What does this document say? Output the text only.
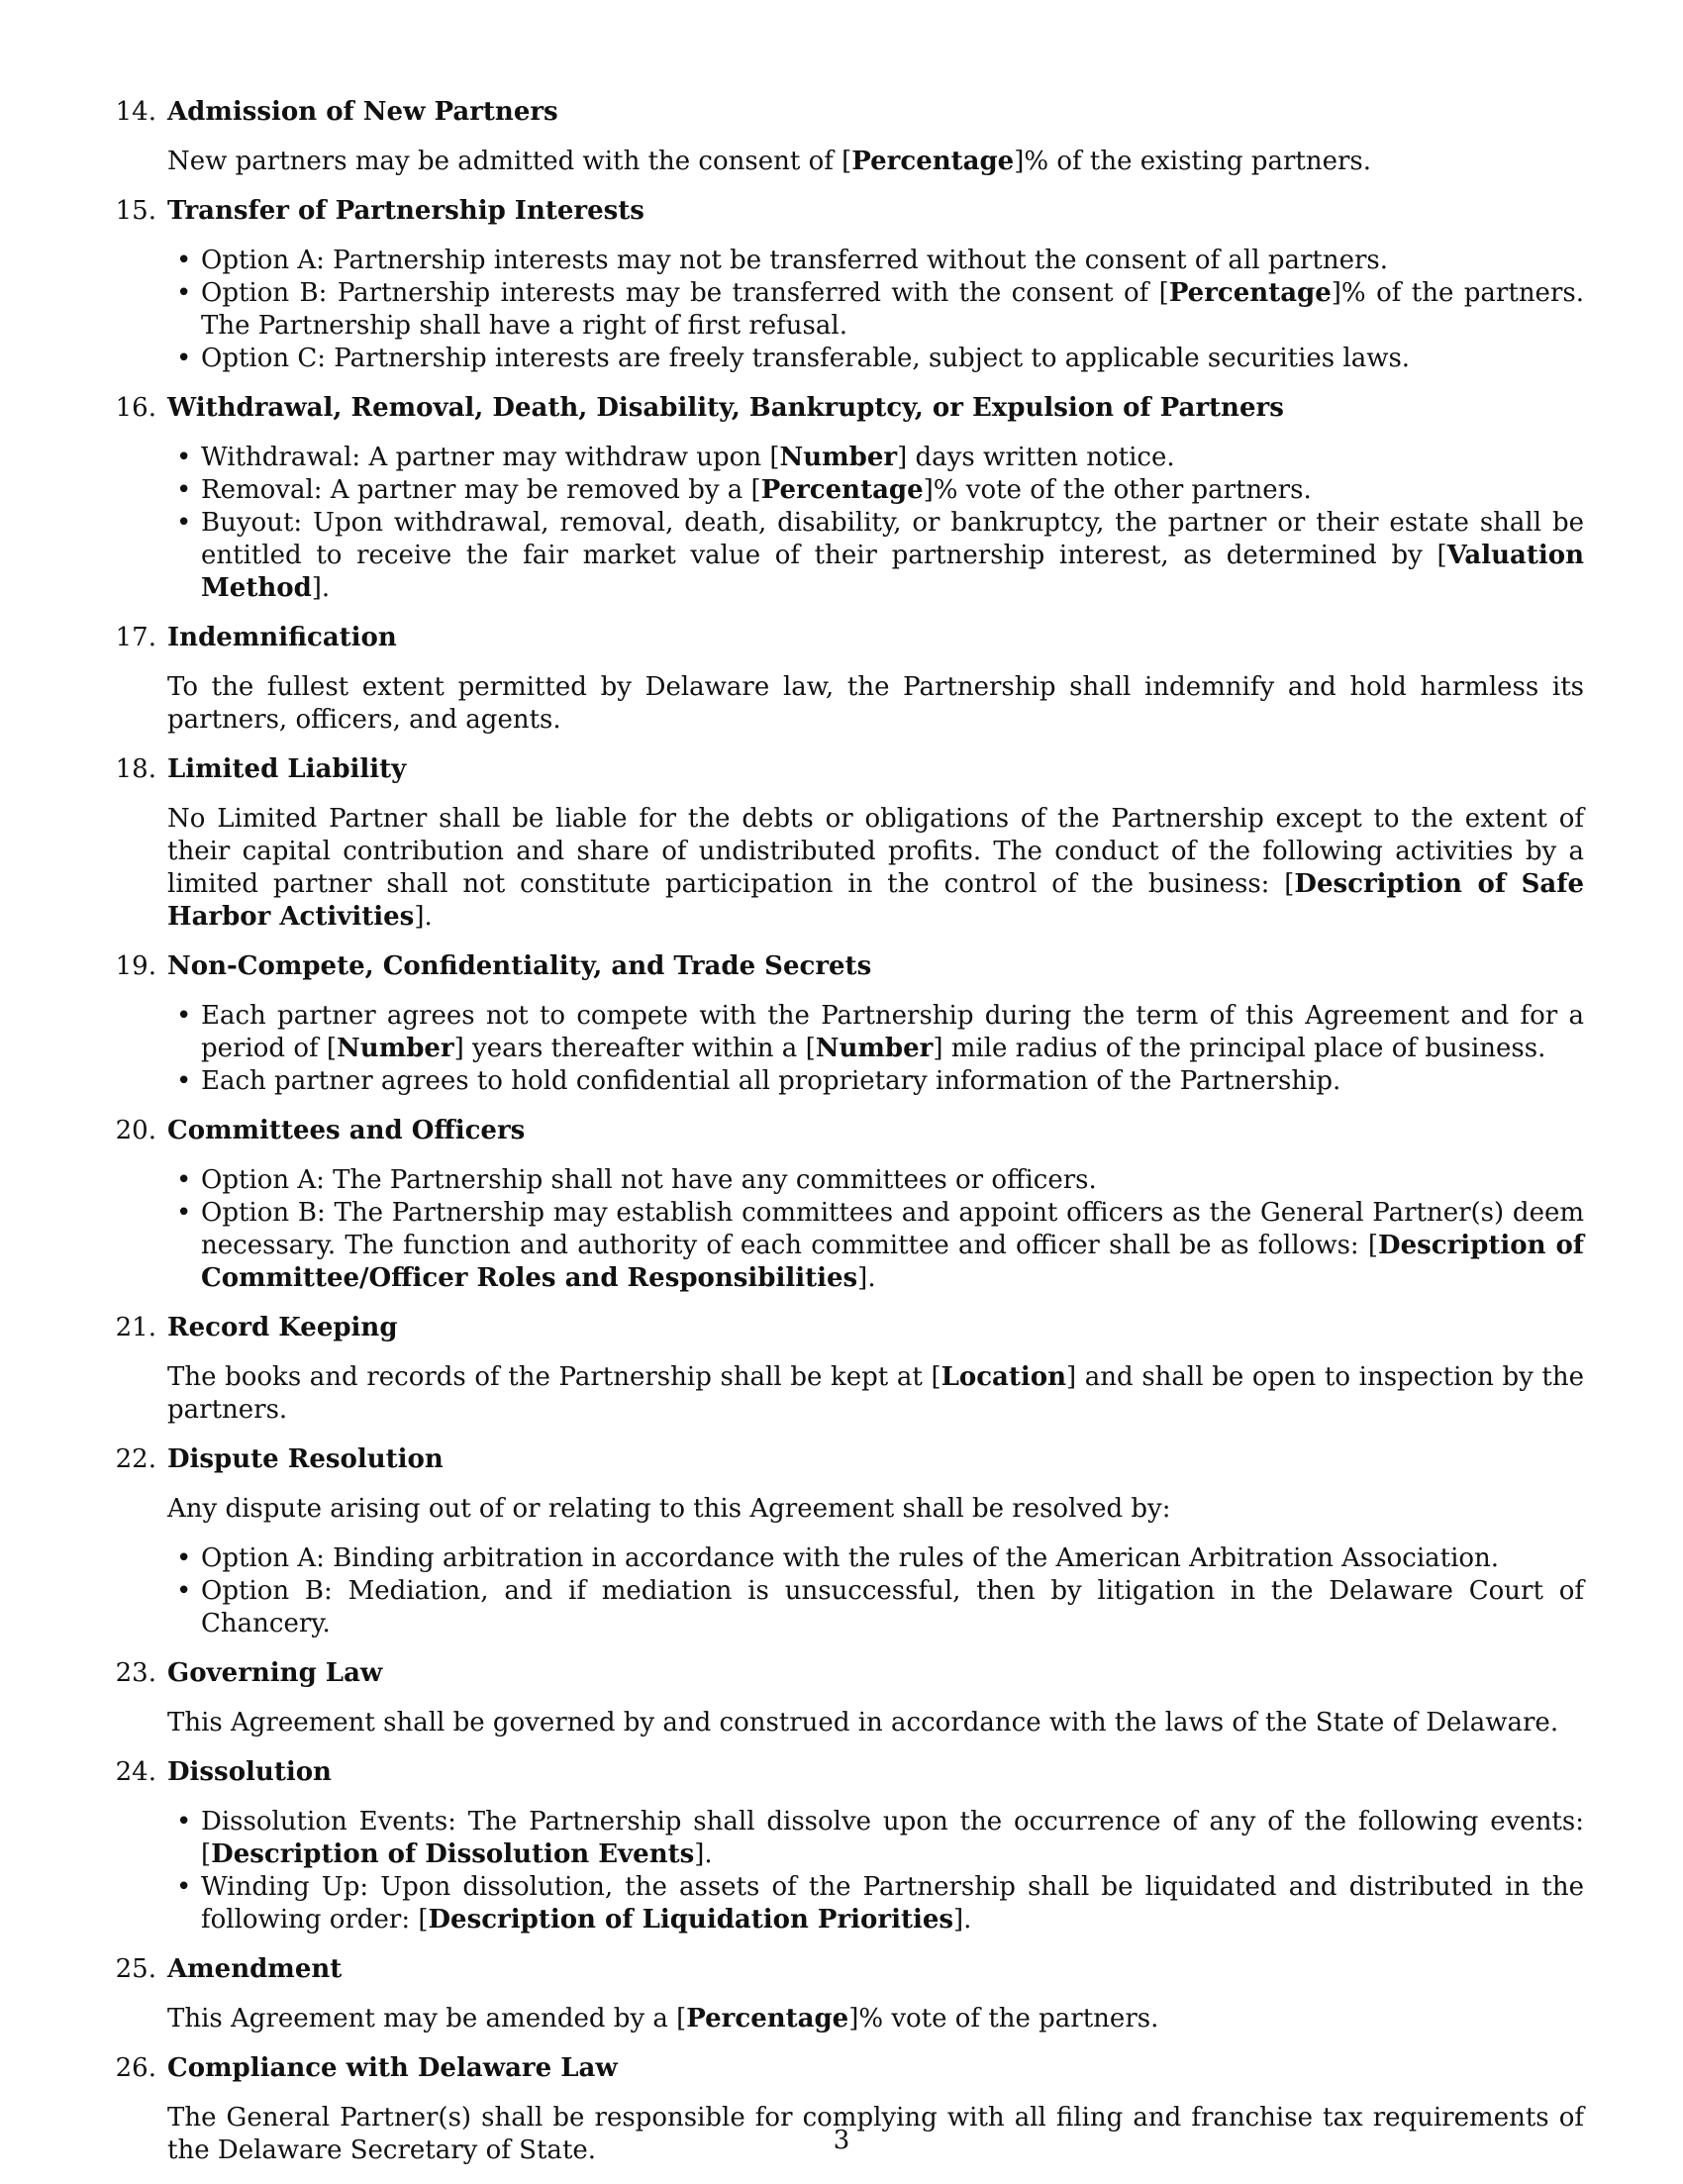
14. Admission of New Partners

New partners may be admitted with the consent of [Percentage]% of the existing partners.

15. Transfer of Partnership Interests
• Option A: Partnership interests may not be transferred without the consent of all partners.
• Option B: Partnership interests may be transferred with the consent of [Percentage]% of the partners. The Partnership shall have a right of first refusal.
• Option C: Partnership interests are freely transferable, subject to applicable securities laws.
16. Withdrawal, Removal, Death, Disability, Bankruptcy, or Expulsion of Partners
• Withdrawal: A partner may withdraw upon [Number] days written notice.
• Removal: A partner may be removed by a [Percentage]% vote of the other partners.
• Buyout: Upon withdrawal, removal, death, disability, or bankruptcy, the partner or their estate shall be entitled to receive the fair market value of their partnership interest, as determined by [Valuation Method].
17. Indemnification

To the fullest extent permitted by Delaware law, the Partnership shall indemnify and hold harmless its partners, officers, and agents.

18. Limited Liability

No Limited Partner shall be liable for the debts or obligations of the Partnership except to the extent of their capital contribution and share of undistributed profits. The conduct of the following activities by a limited partner shall not constitute participation in the control of the business: [Description of Safe Harbor Activities].

19. Non-Compete, Confidentiality, and Trade Secrets
• Each partner agrees not to compete with the Partnership during the term of this Agreement and for a period of [Number] years thereafter within a [Number] mile radius of the principal place of business.
• Each partner agrees to hold confidential all proprietary information of the Partnership.
20. Committees and Officers
• Option A: The Partnership shall not have any committees or officers.
• Option B: The Partnership may establish committees and appoint officers as the General Partner(s) deem necessary. The function and authority of each committee and officer shall be as follows: [Description of Committee/Officer Roles and Responsibilities].
21. Record Keeping

The books and records of the Partnership shall be kept at [Location] and shall be open to inspection by the partners.

22. Dispute Resolution

Any dispute arising out of or relating to this Agreement shall be resolved by:

• Option A: Binding arbitration in accordance with the rules of the American Arbitration Association.
• Option B: Mediation, and if mediation is unsuccessful, then by litigation in the Delaware Court of Chancery.
23. Governing Law

This Agreement shall be governed by and construed in accordance with the laws of the State of Delaware.

24. Dissolution
• Dissolution Events: The Partnership shall dissolve upon the occurrence of any of the following events: [Description of Dissolution Events].
• Winding Up: Upon dissolution, the assets of the Partnership shall be liquidated and distributed in the following order: [Description of Liquidation Priorities].
25. Amendment

This Agreement may be amended by a [Percentage]% vote of the partners.

26. Compliance with Delaware Law

The General Partner(s) shall be responsible for complying with all filing and franchise tax requirements of the Delaware Secretary of State.	3
